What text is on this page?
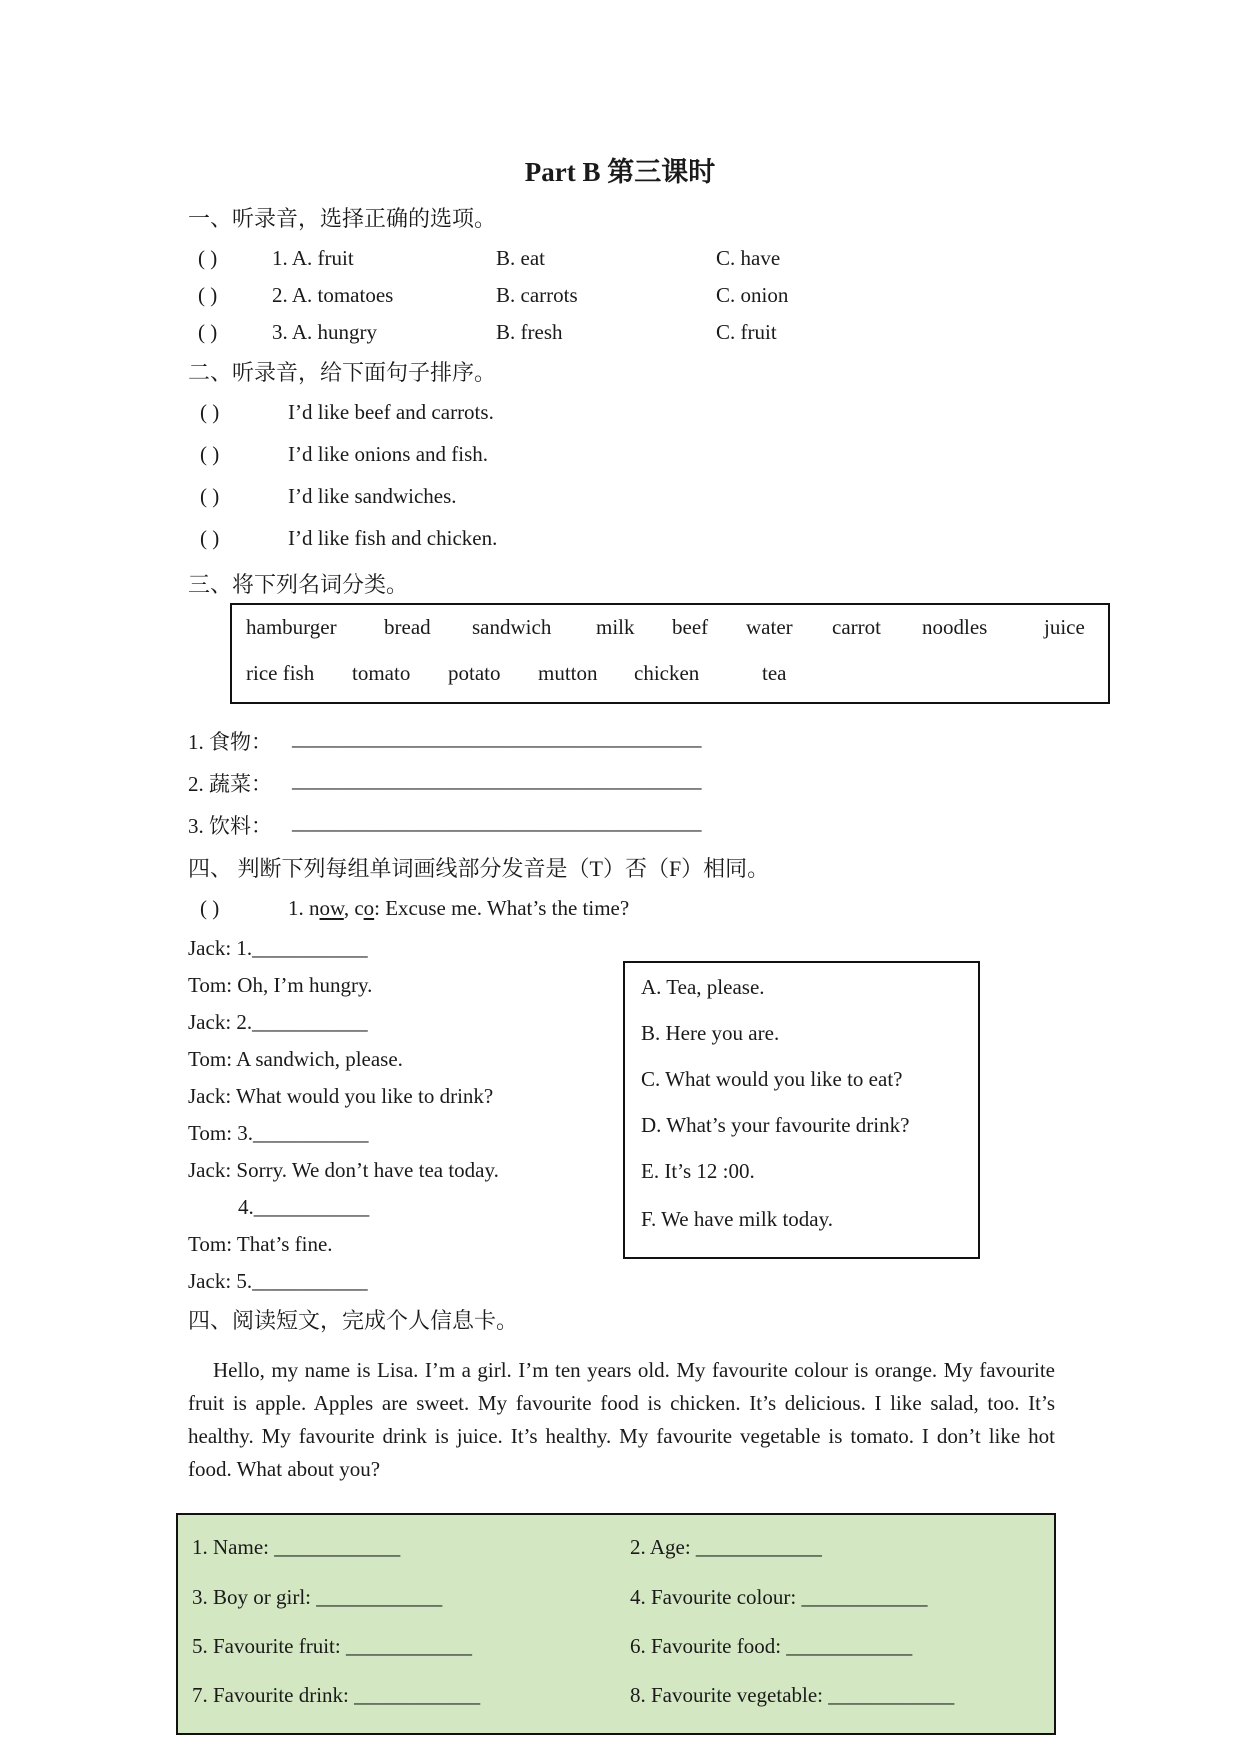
Part B 第三课时
一、听录音，选择正确的选项。
( )	1. A. fruit	B. eat	C. have
( )	2. A. tomatoes	B. carrots	C. onion
( )	3. A. hungry	B. fresh	C. fruit
二、听录音，给下面句子排序。
( )	I’d like beef and carrots.
( )	I’d like onions and fish.
( )	I’d like sandwiches.
( )	I’d like fish and chicken.
三、将下列名词分类。
hamburger bread sandwich milk beef water carrot noodles	juice
rice fish tomato potato mutton chicken	tea
1. 食物： _______________________________________
2. 蔬菜： _______________________________________
3. 饮料： _______________________________________
四、 判断下列每组单词画线部分发音是（T）否（F）相同。
( )	1. now, co: Excuse me. What’s the time?
Jack: 1.___________
Tom: Oh, I’m hungry.
Jack: 2.___________
Tom: A sandwich, please.
Jack: What would you like to drink?
Tom: 3.___________
Jack: Sorry. We don’t have tea today.
4.___________
Tom: That’s fine.
Jack: 5.___________
A. Tea, please.
B. Here you are.
C. What would you like to eat?
D. What’s your favourite drink?
E. It’s 12 :00.
F. We have milk today.
四、阅读短文，完成个人信息卡。
Hello, my name is Lisa. I’m a girl. I’m ten years old. My favourite colour is orange. My favourite fruit is apple. Apples are sweet. My favourite food is chicken. It’s delicious. I like salad, too. It’s healthy. My favourite drink is juice. It’s healthy. My favourite vegetable is tomato. I don’t like hot food. What about you?
1. Name: ____________	2. Age: ____________
3. Boy or girl: ____________	4. Favourite colour: ____________
5. Favourite fruit: ____________	6. Favourite food: ____________
7. Favourite drink: ____________	8. Favourite vegetable: ____________
